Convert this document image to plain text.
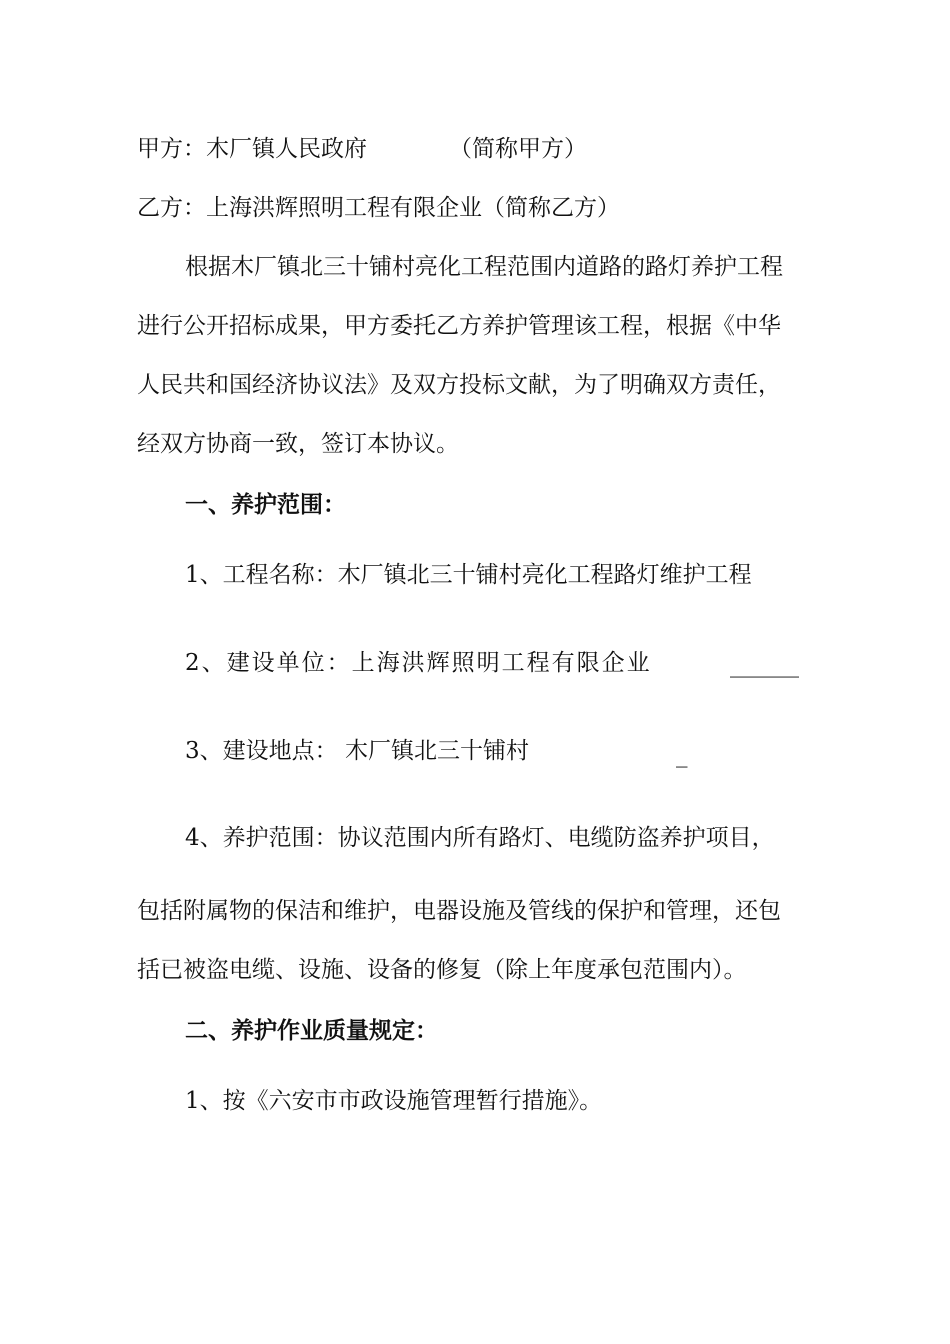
甲方：木厂镇人民政府	（简称甲方）
乙方：上海洪辉照明工程有限企业（简称乙方）
根据木厂镇北三十铺村亮化工程范围内道路的路灯养护工程
进行公开招标成果，甲方委托乙方养护管理该工程，根据《中华
人民共和国经济协议法》及双方投标文献，为了明确双方责任，
经双方协商一致，签订本协议。
一、养护范围：
1、工程名称：木厂镇北三十铺村亮化工程路灯维护工程
2、建设单位：上海洪辉照明工程有限企业	______
3、建设地点： 木厂镇北三十铺村	_
4、养护范围：协议范围内所有路灯、电缆防盗养护项目，
包括附属物的保洁和维护，电器设施及管线的保护和管理，还包
括已被盗电缆、设施、设备的修复（除上年度承包范围内）。
二、养护作业质量规定：
1、按《六安市市政设施管理暂行措施》。
